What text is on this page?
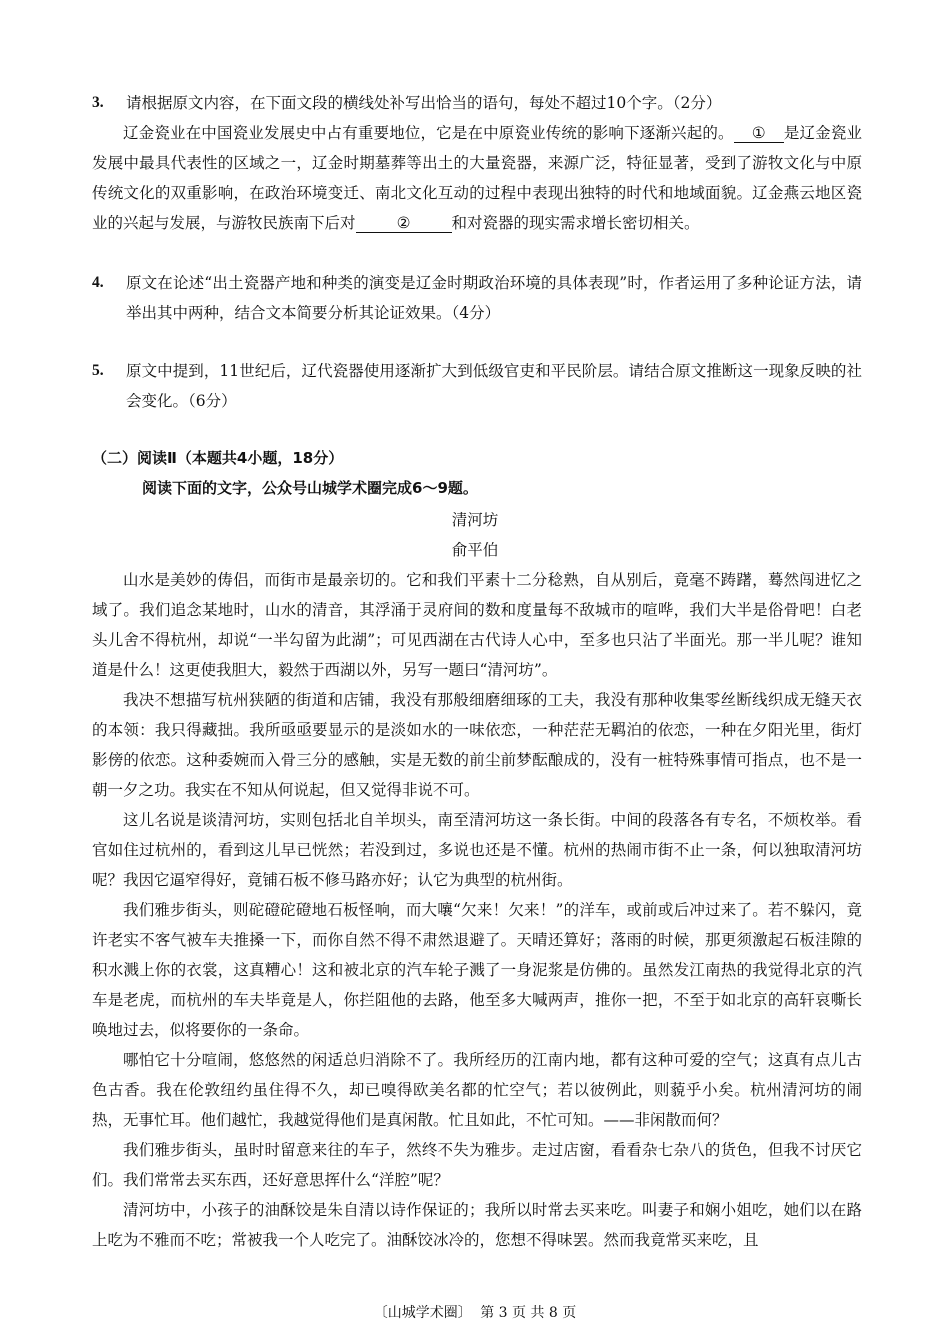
3. 请根据原文内容，在下面文段的横线处补写出恰当的语句，每处不超过10个字。（2分）
辽金瓷业在中国瓷业发展史中占有重要地位，它是在中原瓷业传统的影响下逐渐兴起的。 ① 是辽金瓷业发展中最具代表性的区域之一，辽金时期墓葬等出土的大量瓷器，来源广泛，特征显著，受到了游牧文化与中原传统文化的双重影响，在政治环境变迁、南北文化互动的过程中表现出独特的时代和地域面貌。辽金燕云地区瓷业的兴起与发展，与游牧民族南下后对	②	和对瓷器的现实需求增长密切相关。
4. 原文在论述“出土瓷器产地和种类的演变是辽金时期政治环境的具体表现”时，作者运用了多种论证方法，请举出其中两种，结合文本简要分析其论证效果。（4分）
5. 原文中提到，11世纪后，辽代瓷器使用逐渐扩大到低级官吏和平民阶层。请结合原文推断这一现象反映的社会变化。（6分）
（二）阅读Ⅱ（本题共4小题，18分）
阅读下面的文字，公众号山城学术圈完成6～9题。
清河坊
俞平伯
山水是美妙的俦侣，而街市是最亲切的。它和我们平素十二分稔熟，自从别后，竟毫不踌躇，蓦然闯进忆之域了。我们追念某地时，山水的清音，其浮涌于灵府间的数和度量每不敌城市的喧哗，我们大半是俗骨吧！白老头儿舍不得杭州，却说“一半勾留为此湖”；可见西湖在古代诗人心中，至多也只沾了半面光。那一半儿呢？谁知道是什么！这更使我胆大，毅然于西湖以外，另写一题曰“清河坊”。
我决不想描写杭州狭陋的街道和店铺，我没有那般细磨细琢的工夫，我没有那种收集零丝断线织成无缝天衣的本领：我只得藏拙。我所亟亟要显示的是淡如水的一味依恋，一种茫茫无羁泊的依恋，一种在夕阳光里，街灯影傍的依恋。这种委婉而入骨三分的感触，实是无数的前尘前梦酝酿成的，没有一桩特殊事情可指点，也不是一朝一夕之功。我实在不知从何说起，但又觉得非说不可。
这儿名说是谈清河坊，实则包括北自羊坝头，南至清河坊这一条长街。中间的段落各有专名，不烦枚举。看官如住过杭州的，看到这儿早已恍然；若没到过，多说也还是不懂。杭州的热闹市街不止一条，何以独取清河坊呢？我因它逼窄得好，竟铺石板不修马路亦好；认它为典型的杭州街。
我们雅步街头，则砣磴砣磴地石板怪响，而大嚷“欠来！欠来！”的洋车，或前或后冲过来了。若不躲闪，竟许老实不客气被车夫推搡一下，而你自然不得不肃然退避了。天晴还算好；落雨的时候，那更须激起石板洼隙的积水溅上你的衣裳，这真糟心！这和被北京的汽车轮子溅了一身泥浆是仿佛的。虽然发江南热的我觉得北京的汽车是老虎，而杭州的车夫毕竟是人，你拦阻他的去路，他至多大喊两声，推你一把，不至于如北京的高轩哀嘶长唤地过去，似将要你的一条命。
哪怕它十分喧闹，悠悠然的闲适总归消除不了。我所经历的江南内地，都有这种可爱的空气；这真有点儿古色古香。我在伦敦纽约虽住得不久，却已嗅得欧美名都的忙空气；若以彼例此，则藐乎小矣。杭州清河坊的闹热，无事忙耳。他们越忙，我越觉得他们是真闲散。忙且如此，不忙可知。——非闲散而何？
我们雅步街头，虽时时留意来往的车子，然终不失为雅步。走过店窗，看看杂七杂八的货色，但我不讨厌它们。我们常常去买东西，还好意思挥什么“洋腔”呢？
清河坊中，小孩子的油酥饺是朱自清以诗作保证的；我所以时常去买来吃。叫妻子和娴小姐吃，她们以在路上吃为不雅而不吃；常被我一个人吃完了。油酥饺冰冷的，您想不得味罢。然而我竟常买来吃，且
〔山城学术圈〕 第 3 页 共 8 页
